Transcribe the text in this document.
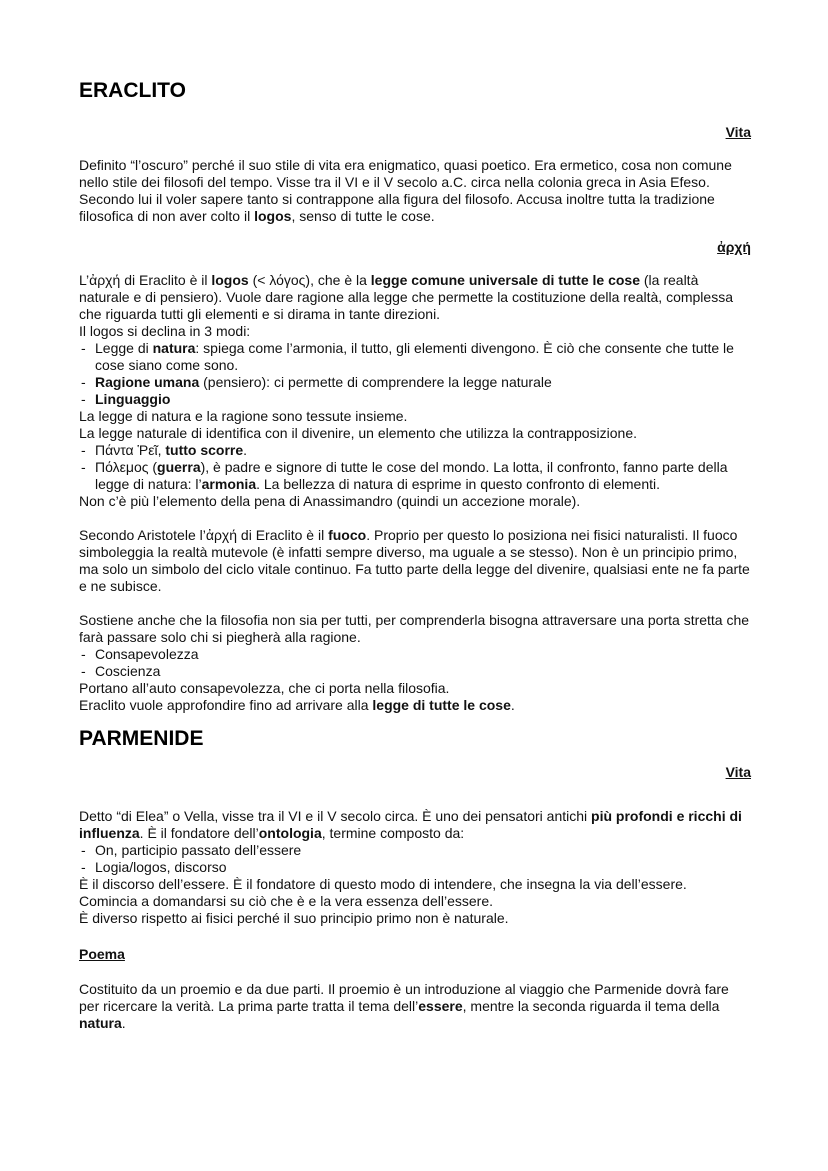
ERACLITO
Vita

Definito “l’oscuro” perché il suo stile di vita era enigmatico, quasi poetico. Era ermetico, cosa non comune nello stile dei filosofi del tempo. Visse tra il VI e il V secolo a.C. circa nella colonia greca in Asia Efeso. Secondo lui il voler sapere tanto si contrappone alla figura del filosofo. Accusa inoltre tutta la tradizione filosofica di non aver colto il logos, senso di tutte le cose.

ἀρχή

L’ἀρχή di Eraclito è il logos (< λόγος), che è la legge comune universale di tutte le cose (la realtà naturale e di pensiero). Vuole dare ragione alla legge che permette la costituzione della realtà, complessa che riguarda tutti gli elementi e si dirama in tante direzioni.

Il logos si declina in 3 modi:

- Legge di natura: spiega come l’armonia, il tutto, gli elementi divengono. È ciò che consente che tutte le cose siano come sono.
- Ragione umana (pensiero): ci permette di comprendere la legge naturale
- Linguaggio

La legge di natura e la ragione sono tessute insieme.

La legge naturale di identifica con il divenire, un elemento che utilizza la contrapposizione.

- Πάντα Ῥεῖ, tutto scorre.
- Πόλεμος (guerra), è padre e signore di tutte le cose del mondo. La lotta, il confronto, fanno parte della legge di natura: l’armonia. La bellezza di natura di esprime in questo confronto di elementi.

Non c’è più l’elemento della pena di Anassimandro (quindi un accezione morale).

Secondo Aristotele l’ἀρχή di Eraclito è il fuoco. Proprio per questo lo posiziona nei fisici naturalisti. Il fuoco simboleggia la realtà mutevole (è infatti sempre diverso, ma uguale a se stesso). Non è un principio primo, ma solo un simbolo del ciclo vitale continuo. Fa tutto parte della legge del divenire, qualsiasi ente ne fa parte e ne subisce.

Sostiene anche che la filosofia non sia per tutti, per comprenderla bisogna attraversare una porta stretta che farà passare solo chi si piegherà alla ragione.

- Consapevolezza
- Coscienza

Portano all’auto consapevolezza, che ci porta nella filosofia.

Eraclito vuole approfondire fino ad arrivare alla legge di tutte le cose.

PARMENIDE
Vita

Detto “di Elea” o Vella, visse tra il VI e il V secolo circa. È uno dei pensatori antichi più profondi e ricchi di influenza. È il fondatore dell’ontologia, termine composto da:

- On, participio passato dell’essere
- Logia/logos, discorso

È il discorso dell’essere. È il fondatore di questo modo di intendere, che insegna la via dell’essere.

Comincia a domandarsi su ciò che è e la vera essenza dell’essere.

È diverso rispetto ai fisici perché il suo principio primo non è naturale.

Poema

Costituito da un proemio e da due parti. Il proemio è un introduzione al viaggio che Parmenide dovrà fare per ricercare la verità. La prima parte tratta il tema dell’essere, mentre la seconda riguarda il tema della natura.
